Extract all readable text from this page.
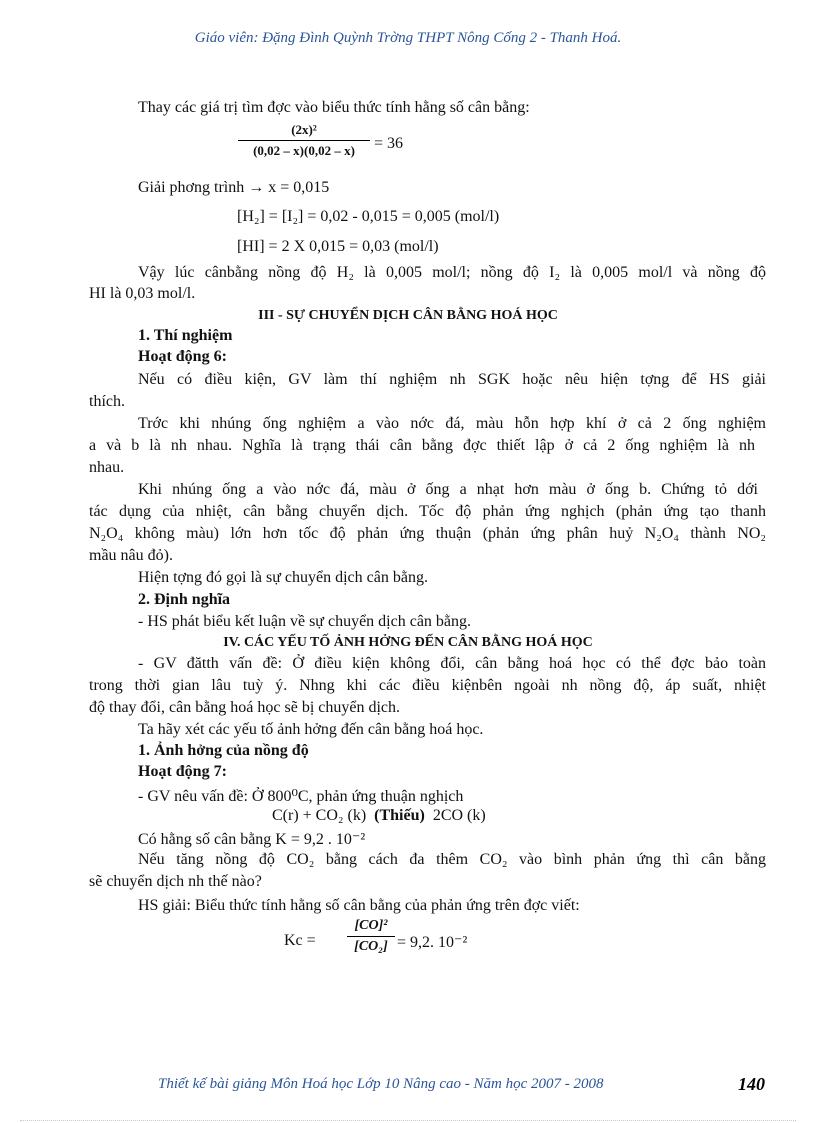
Giáo viên: Đặng Đình Quỳnh Trờng THPT Nông Cống 2 - Thanh Hoá.
Thay các giá trị tìm đợc vào biểu thức tính hằng số cân bằng:
$\frac{\text{(2x)²}}{(0,02 - x)(0,02 - x)} = 36$
Giải phơng trình → x = 0,015
[H₂] = [I₂] = 0,02 - 0,015 = 0,005 (mol/l)
[HI] = 2 X 0,015 = 0,03 (mol/l)
Vậy lúc cânbằng nồng độ H₂ là 0,005 mol/l; nồng độ I₂ là 0,005 mol/l và nồng độ
HI là 0,03 mol/l.
III - SỰ CHUYỂN DỊCH CÂN BẰNG HOÁ HỌC
1. Thí nghiệm
Hoạt động 6:
Nếu có điều kiện, GV làm thí nghiệm nh SGK hoặc nêu hiện tợng để HS giải
thích.
Trớc khi nhúng ống nghiệm a vào nớc đá, màu hỗn hợp khí ở cả 2 ống nghiệm
a và b là nh nhau. Nghĩa là trạng thái cân bằng đợc thiết lập ở cả 2 ống nghiệm là nh
nhau.
Khi nhúng ống a vào nớc đá, màu ở ống a nhạt hơn màu ở ống b. Chứng tỏ dới
tác dụng của nhiệt, cân bằng chuyển dịch. Tốc độ phản ứng nghịch (phản ứng tạo thanh
N₂O₄ không màu) lớn hơn tốc độ phản ứng thuận (phản ứng phân huỷ N₂O₄ thành NO₂
mầu nâu đỏ).
Hiện tợng đó gọi là sự chuyển dịch cân bằng.
2. Định nghĩa
- HS phát biểu kết luận về sự chuyển dịch cân bằng.
IV. CÁC YẾU TỐ ẢNH HỞNG ĐẾN CÂN BẰNG HOÁ HỌC
- GV đătth vấn đề: Ở điều kiện không đổi, cân bằng hoá học có thể đợc bảo toàn
trong thời gian lâu tuỳ ý. Nhng khi các điều kiệnbên ngoài nh nồng độ, áp suất, nhiệt
độ thay đổi, cân bằng hoá học sẽ bị chuyển dịch.
Ta hãy xét các yếu tố ảnh hởng đến cân bằng hoá học.
1. Ảnh hởng của nồng độ
Hoạt động 7:
- GV nêu vấn đề: Ở 800⁰C, phản ứng thuận nghịch
C(r) + CO₂ (k) (Thiếu) 2CO (k)
Có hằng số cân bằng K = 9,2 . 10⁻²
Nếu tăng nồng độ CO₂ bằng cách đa thêm CO₂ vào bình phản ứng thì cân bằng
sẽ chuyển dịch nh thế nào?
HS giải: Biểu thức tính hằng số cân bằng của phản ứng trên đợc viết:
$Kc = \frac{\text{[CO]²}}{\text{[CO₂]}} = 9,2$. 10⁻²
Thiết kế bài giảng Môn Hoá học Lớp 10 Nâng cao - Năm học 2007 - 2008	140
